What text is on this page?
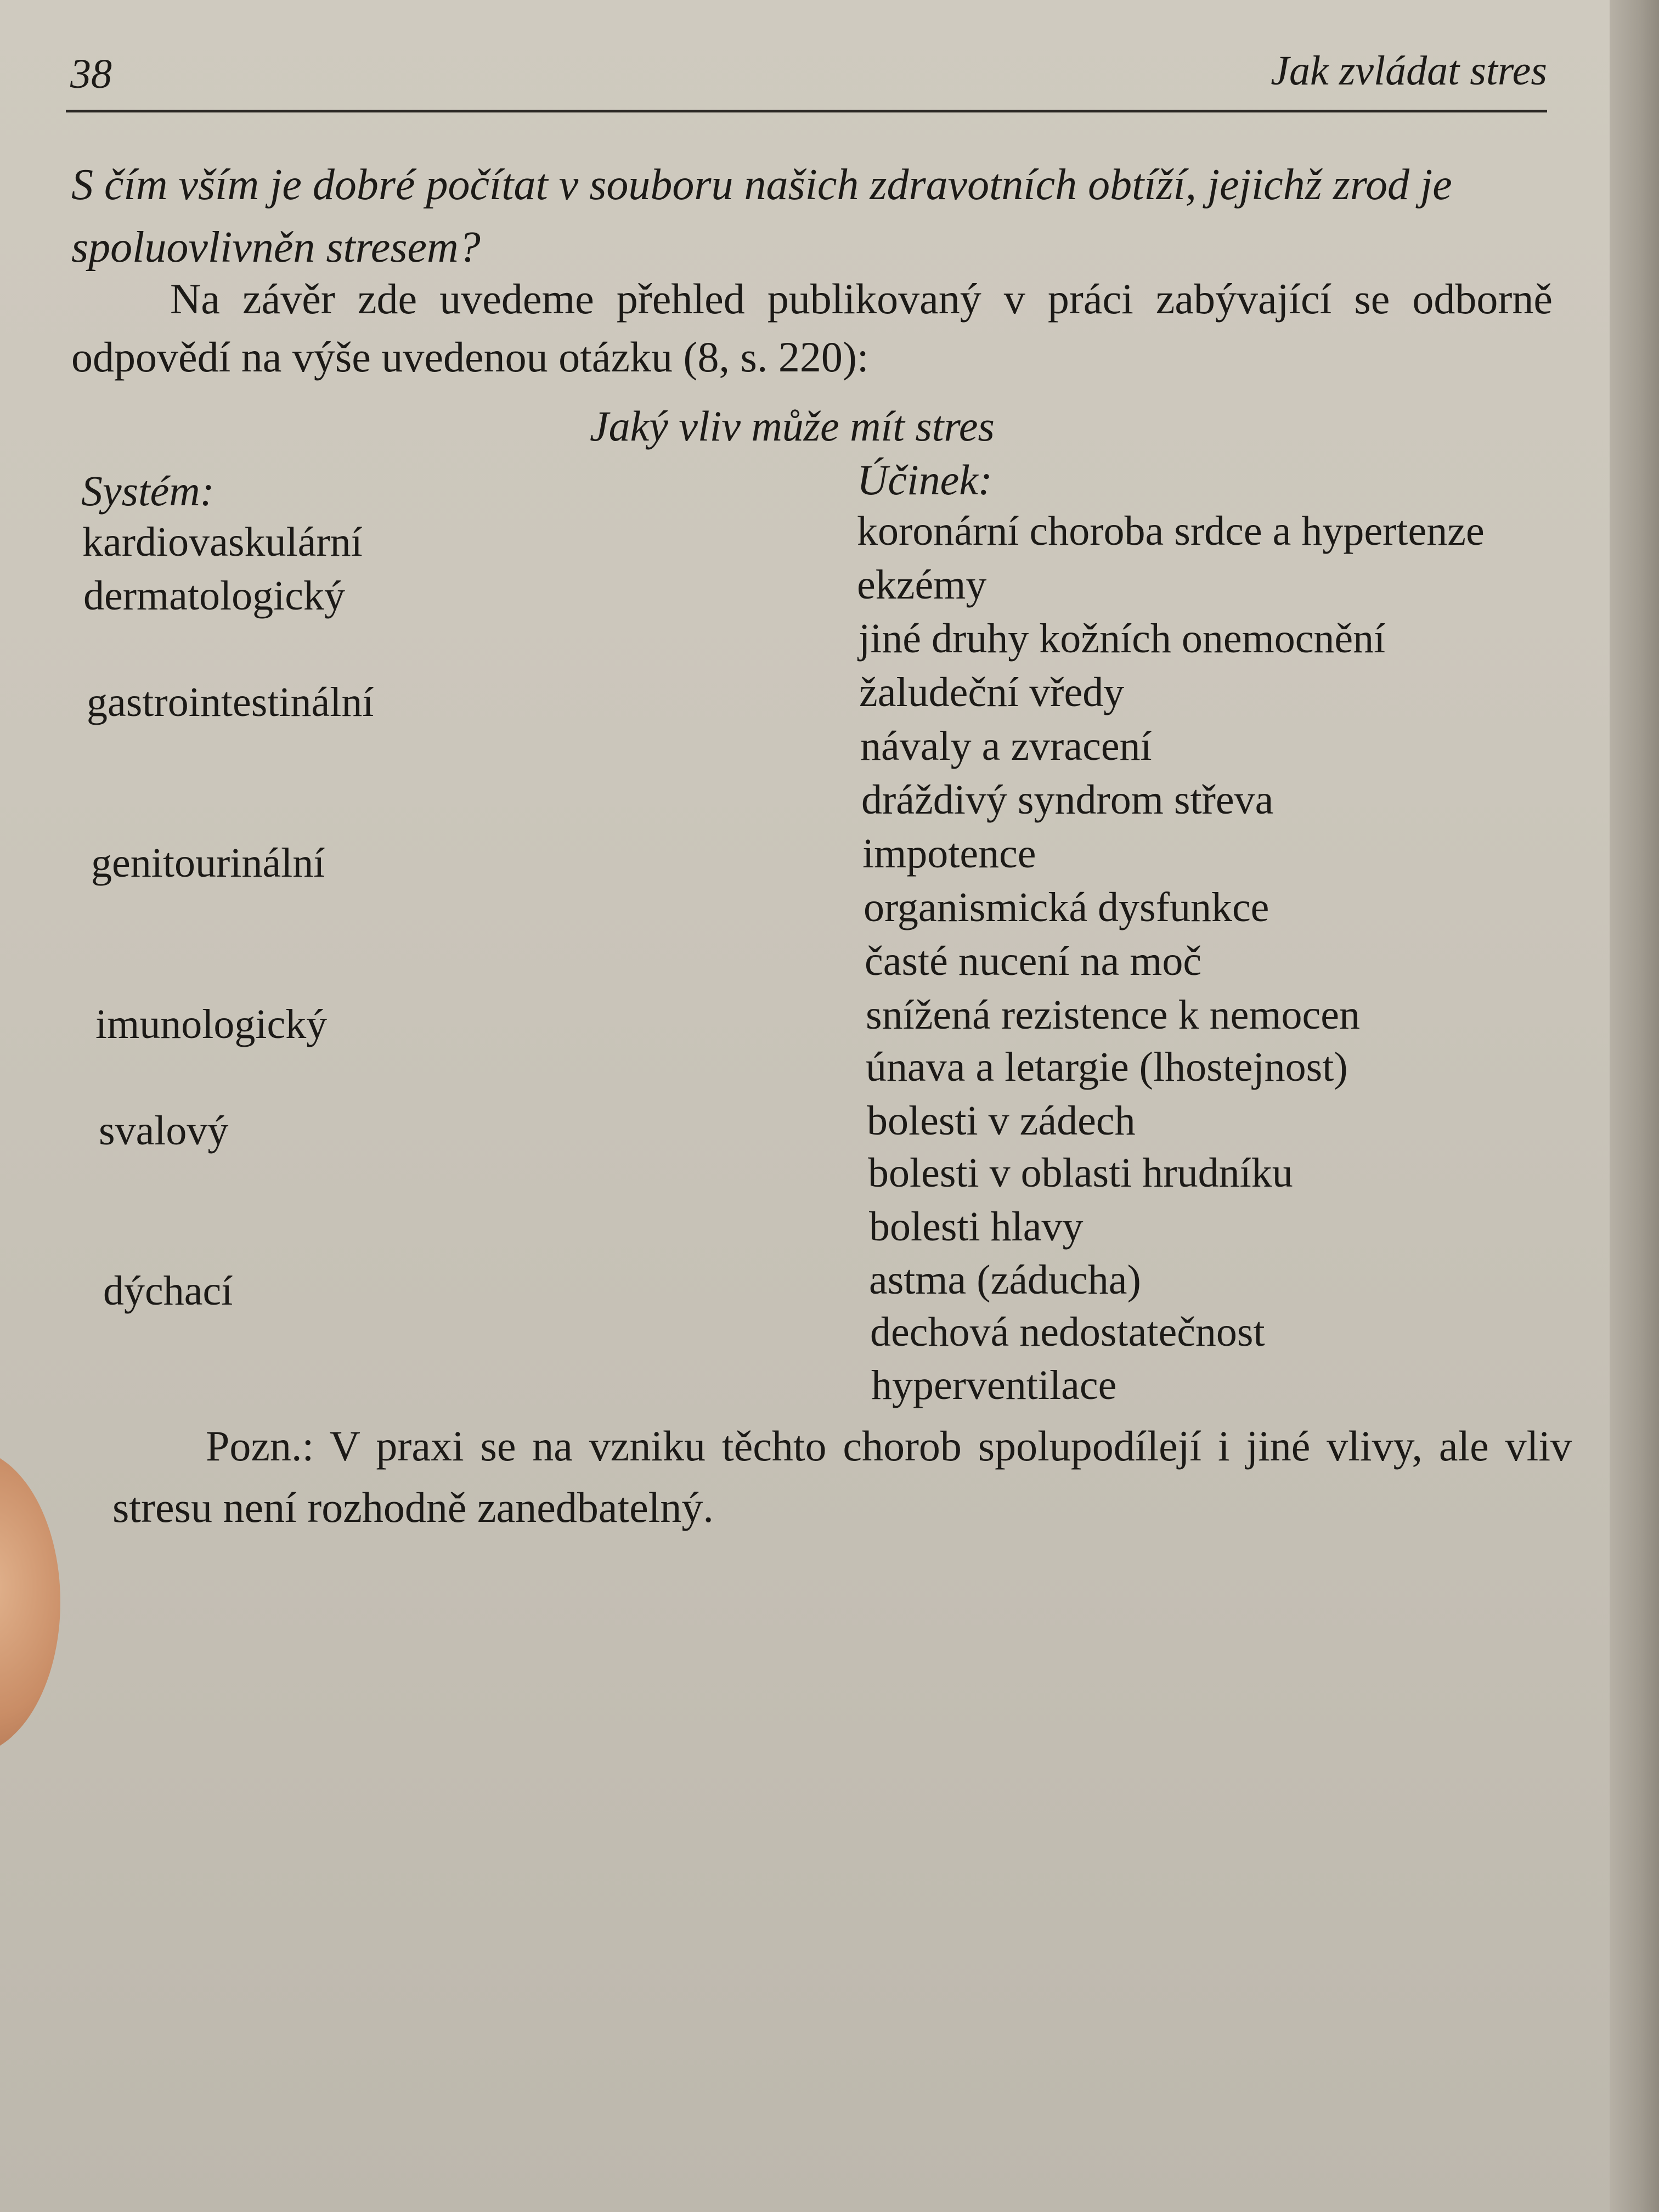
38	Jak zvládat stres
S čím vším je dobré počítat v souboru našich zdravotních obtíží, jejichž zrod je spoluovlivněn stresem?
Na závěr zde uvedeme přehled publikovaný v práci zabývající se odborně odpovědí na výše uvedenou otázku (8, s. 220):
Jaký vliv může mít stres
Systém:	Účinek:
kardiovaskulární
dermatologický
gastrointestinální
genitourinální
imunologický
svalový
dýchací
koronární choroba srdce a hypertenze
ekzémy
jiné druhy kožních onemocnění
žaludeční vředy
návaly a zvracení
dráždivý syndrom střeva
impotence
organismická dysfunkce
časté nucení na moč
snížená rezistence k nemocen
únava a letargie (lhostejnost)
bolesti v zádech
bolesti v oblasti hrudníku
bolesti hlavy
astma (záducha)
dechová nedostatečnost
hyperventilace
Pozn.: V praxi se na vzniku těchto chorob spolupodílejí i jiné vlivy, ale vliv stresu není rozhodně zanedbatelný.
